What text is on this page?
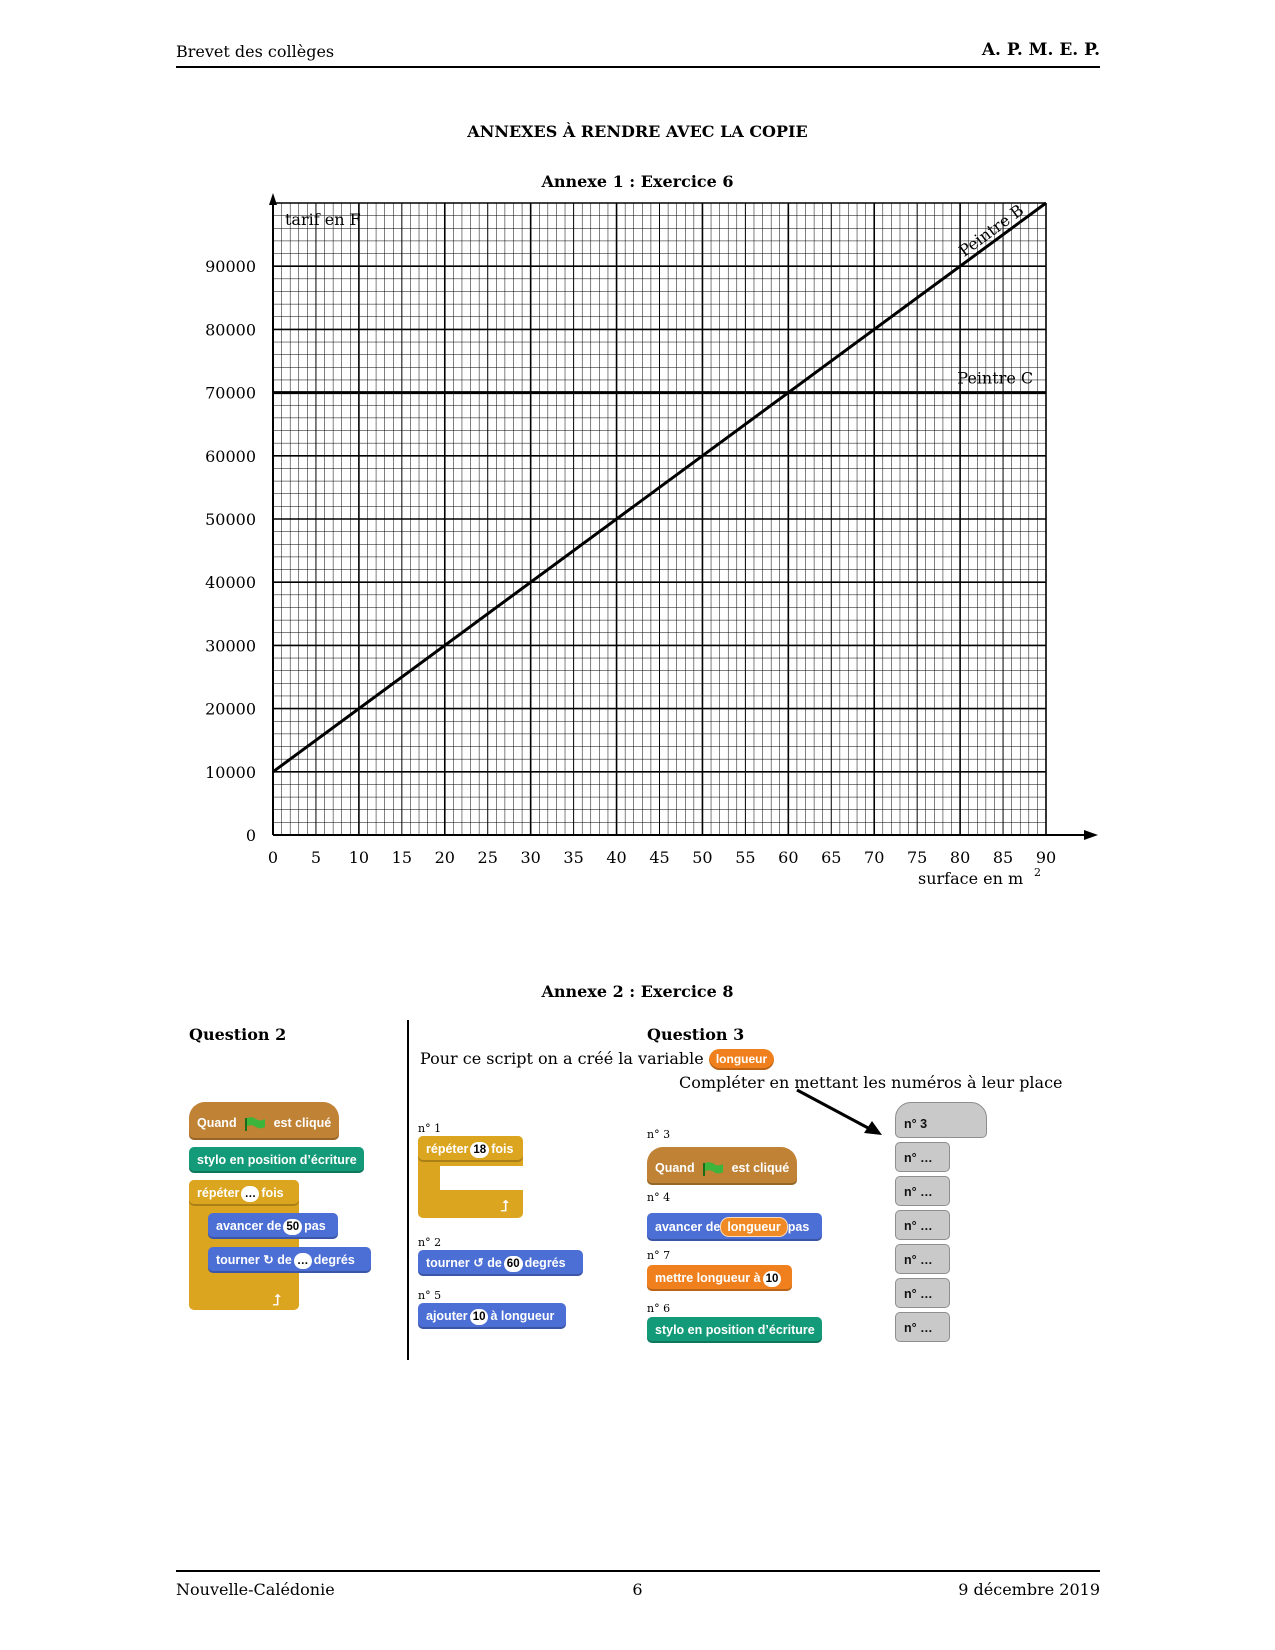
Brevet des collèges	A. P. M. E. P.
ANNEXES À RENDRE AVEC LA COPIE
Annexe 1 : Exercice 6
0 5 10 15 20 25 30 35 40 45 50 55 60 65 70 75 80 85 90
0
10000
20000
30000
40000
50000
60000
70000
80000
90000
tarif en F
surface en m 2
Peintre B
Peintre C
Annexe 2 : Exercice 8
Question 2
Quand	est cliqué
stylo en position d’écriture
répéter … fois
⮥
avancer de 50 pas
tourner ↻ de … degrés
n° 1
répéter 18 fois
⮥
n° 2
tourner ↺ de 60 degrés
n° 5
ajouter 10 à longueur
Question 3
Pour ce script on a créé la variable longueur
Compléter en mettant les numéros à leur place
n° 3
Quand	est cliqué
n° 4
avancer de longueur pas
n° 7
mettre longueur à 10
n° 6
stylo en position d’écriture
n° 3
n° …
n° …
n° …
n° …
n° …
n° …
Nouvelle-Calédonie	6	9 décembre 2019
